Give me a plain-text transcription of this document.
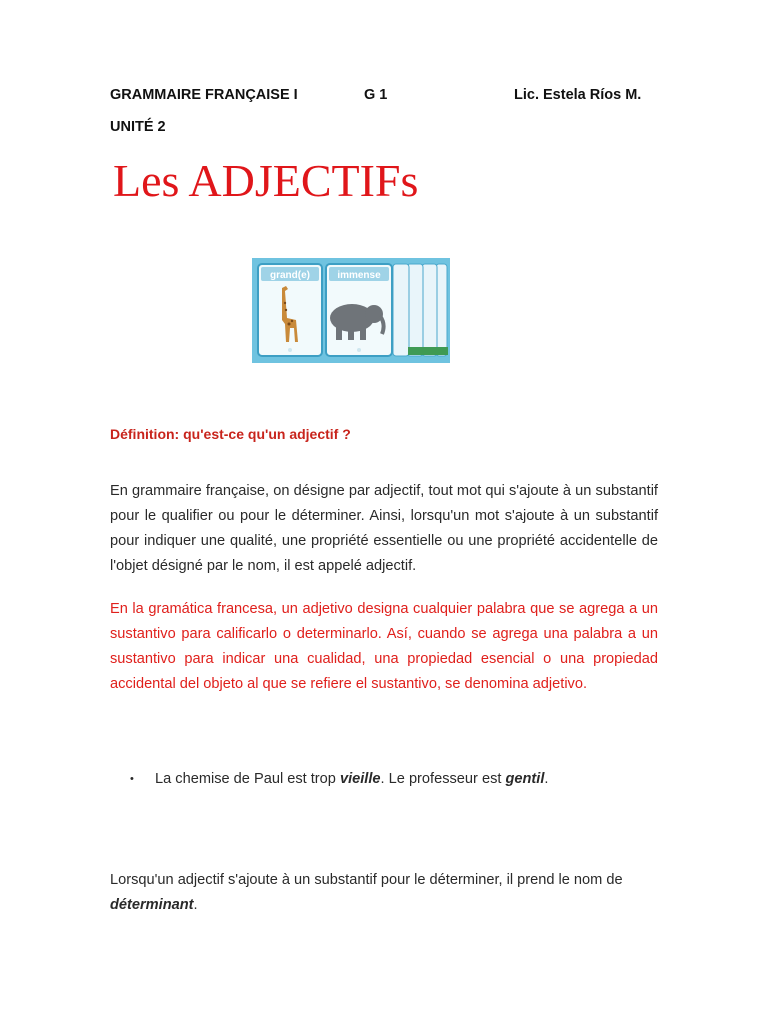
GRAMMAIRE FRANÇAISE I	G 1	Lic. Estela Ríos M.
UNITÉ 2
Les ADJECTIFs
grand(e)	immense
Définition: qu'est-ce qu'un adjectif ?

En grammaire française, on désigne par adjectif, tout mot qui s'ajoute à un substantif pour le qualifier ou pour le déterminer. Ainsi, lorsqu'un mot s'ajoute à un substantif pour indiquer une qualité, une propriété essentielle ou une propriété accidentelle de l'objet désigné par le nom, il est appelé adjectif.

En la gramática francesa, un adjetivo designa cualquier palabra que se agrega a un sustantivo para calificarlo o determinarlo. Así, cuando se agrega una palabra a un sustantivo para indicar una cualidad, una propiedad esencial o una propiedad accidental del objeto al que se refiere el sustantivo, se denomina adjetivo.

• La chemise de Paul est trop vieille. Le professeur est gentil.

Lorsqu'un adjectif s'ajoute à un substantif pour le déterminer, il prend le nom de déterminant.
